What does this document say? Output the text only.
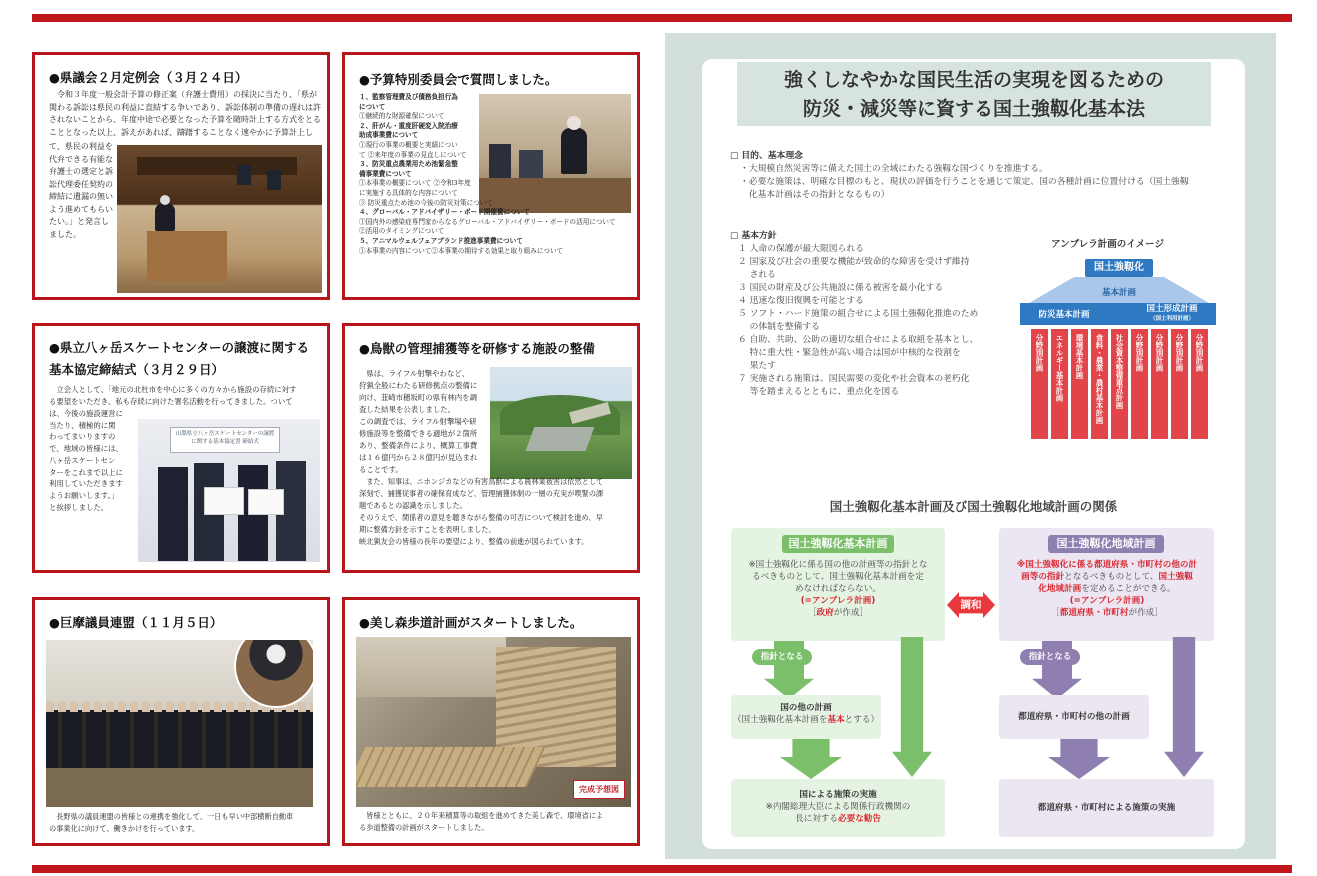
●県議会２月定例会（３月２４日）
　令和３年度一般会計予算の修正案（弁護士費用）の採決に当たり、「県が
関わる訴訟は県民の利益に直結する争いであり、訴訟体制の準備の遅れは許
されないことから、年度中途で必要となった予算を随時計上する方式をとる
こととなった以上、訴えがあれば、躊躇することなく速やかに予算計上し
て、県民の利益を
代弁できる有能な
弁護士の選定と訴
訟代理委任契約の
締結に遺漏の無い
よう進めてもらい
たい。」と発言し
ました。
●予算特別委員会で質問しました。
１、監察管理費及び債務負担行為
について
①継続的な財源確保について
２、肝がん・重度肝硬変入院治療
助成事業費について
①現行の事業の概要と実績につい
て ②来年度の事業の見直しについて
３、防災重点農業用ため池緊急整
備事業費について
①本事業の概要について ②令和3年度
に実施する具体的な内容について
③ 防災重点ため池の今後の防災対策について
４、グローバル・アドバイザリー・ボード開催費について
①国内外の感染症専門家からなるグローバル・アドバイザリー・ボードの活用について
②活用のタイミングについて
５、アニマルウェルフェアブランド推進事業費について
①本事業の内容について②本事業の期待する効果と取り組みについて
●県立八ヶ岳スケートセンターの譲渡に関する
基本協定締結式（３月２９日）
　立会人として、「地元の北杜市を中心に多くの方々から施設の存続に対す
る要望をいただき、私も存続に向けた署名活動を行ってきました。ついて
は、今後の施設運営に
当たり、積極的に関
わってまいりますの
で、地域の皆様には、
八ヶ岳スケートセン
ターをこれまで以上に
利用していただきます
ようお願いします。」
と挨拶しました。
山梨県立八ヶ岳スケートセンターの譲渡に関する基本協定書 締結式
●鳥獣の管理捕獲等を研修する施設の整備
　県は、ライフル射撃やわなど、
狩猟全般にわたる研修拠点の整備に
向け、韮崎市穂坂町の県有林内を調
査した結果を公表しました。
この調査では、ライフル射撃場や研
修施設等を整備できる適地が２箇所
あり、整備条件により、概算工事費
は１６億円から２８億円が見込まれ
ることです。
　また、知事は、ニホンジカなどの有害鳥獣による農林業被害は依然として
深刻で、捕獲従事者の確保育成など、管理捕獲体制の一層の充実が喫緊の課
題であるとの認識を示しました。
そのうえで、関係者の意見を聴きながら整備の可否について検討を進め、早
期に整備方針を示すことを表明しました。
峡北猟友会の皆様の長年の要望により、整備の前進が図られています。
●巨摩議員連盟（１１月５日）
　長野県の議員連盟の皆様との連携を強化して、一日も早い中部横断自動車
の事業化に向けて、働きかけを行っています。
●美し森歩道計画がスタートしました。
完成予想図
　皆様とともに、２０年来積算等の取組を進めてきた美し森で、環境省によ
る歩道整備の計画がスタートしました。
強くしなやかな国民生活の実現を図るための
防災・減災等に資する国土強靱化基本法
□ 目的、基本理念
・大規模自然災害等に備えた国土の全域にわたる強靱な国づくりを推進する。
・必要な施策は、明確な目標のもと、現状の評価を行うことを通じて策定、国の各種計画に位置付ける（国土強靱
　化基本計画はその指針となるもの）
□ 基本方針
１ 人命の保護が最大限図られる
２ 国家及び社会の重要な機能が致命的な障害を受けず維持
　 される
３ 国民の財産及び公共施設に係る被害を最小化する
４ 迅速な復旧復興を可能とする
５ ソフト・ハード施策の組合せによる国土強靱化推進のため
　 の体制を整備する
６ 自助、共助、公助の適切な組合せによる取組を基本とし、
　 特に重大性・緊急性が高い場合は国が中核的な役割を
　 果たす
７ 実施される施策は、国民需要の変化や社会資本の老朽化
　 等を踏まえるとともに、重点化を図る
アンブレラ計画のイメージ
国土強靱化
基本計画
防災基本計画
国土形成計画
（国土利用計画）
分野別計画	エネルギー基本計画	環境基本計画	食料・農業・農村基本計画	社会資本整備重点計画	分野別計画	分野別計画	分野別計画	分野別計画
国土強靱化基本計画及び国土強靱化地域計画の関係
国土強靱化基本計画
※国土強靱化に係る国の他の計画等の指針とな
るべきものとして、国土強靱化基本計画を定
めなければならない。
(=アンブレラ計画)
［政府が作成］
調和
指針となる
国の他の計画
（国土強靱化基本計画を基本とする）
国による施策の実施
※内閣総理大臣による関係行政機関の
長に対する必要な勧告
国土強靱化地域計画
※国土強靱化に係る都道府県・市町村の他の計
画等の指針となるべきものとして、国土強靱
化地域計画を定めることができる。
(=アンブレラ計画)
［都道府県・市町村が作成］
指針となる
都道府県・市町村の他の計画
都道府県・市町村による施策の実施
